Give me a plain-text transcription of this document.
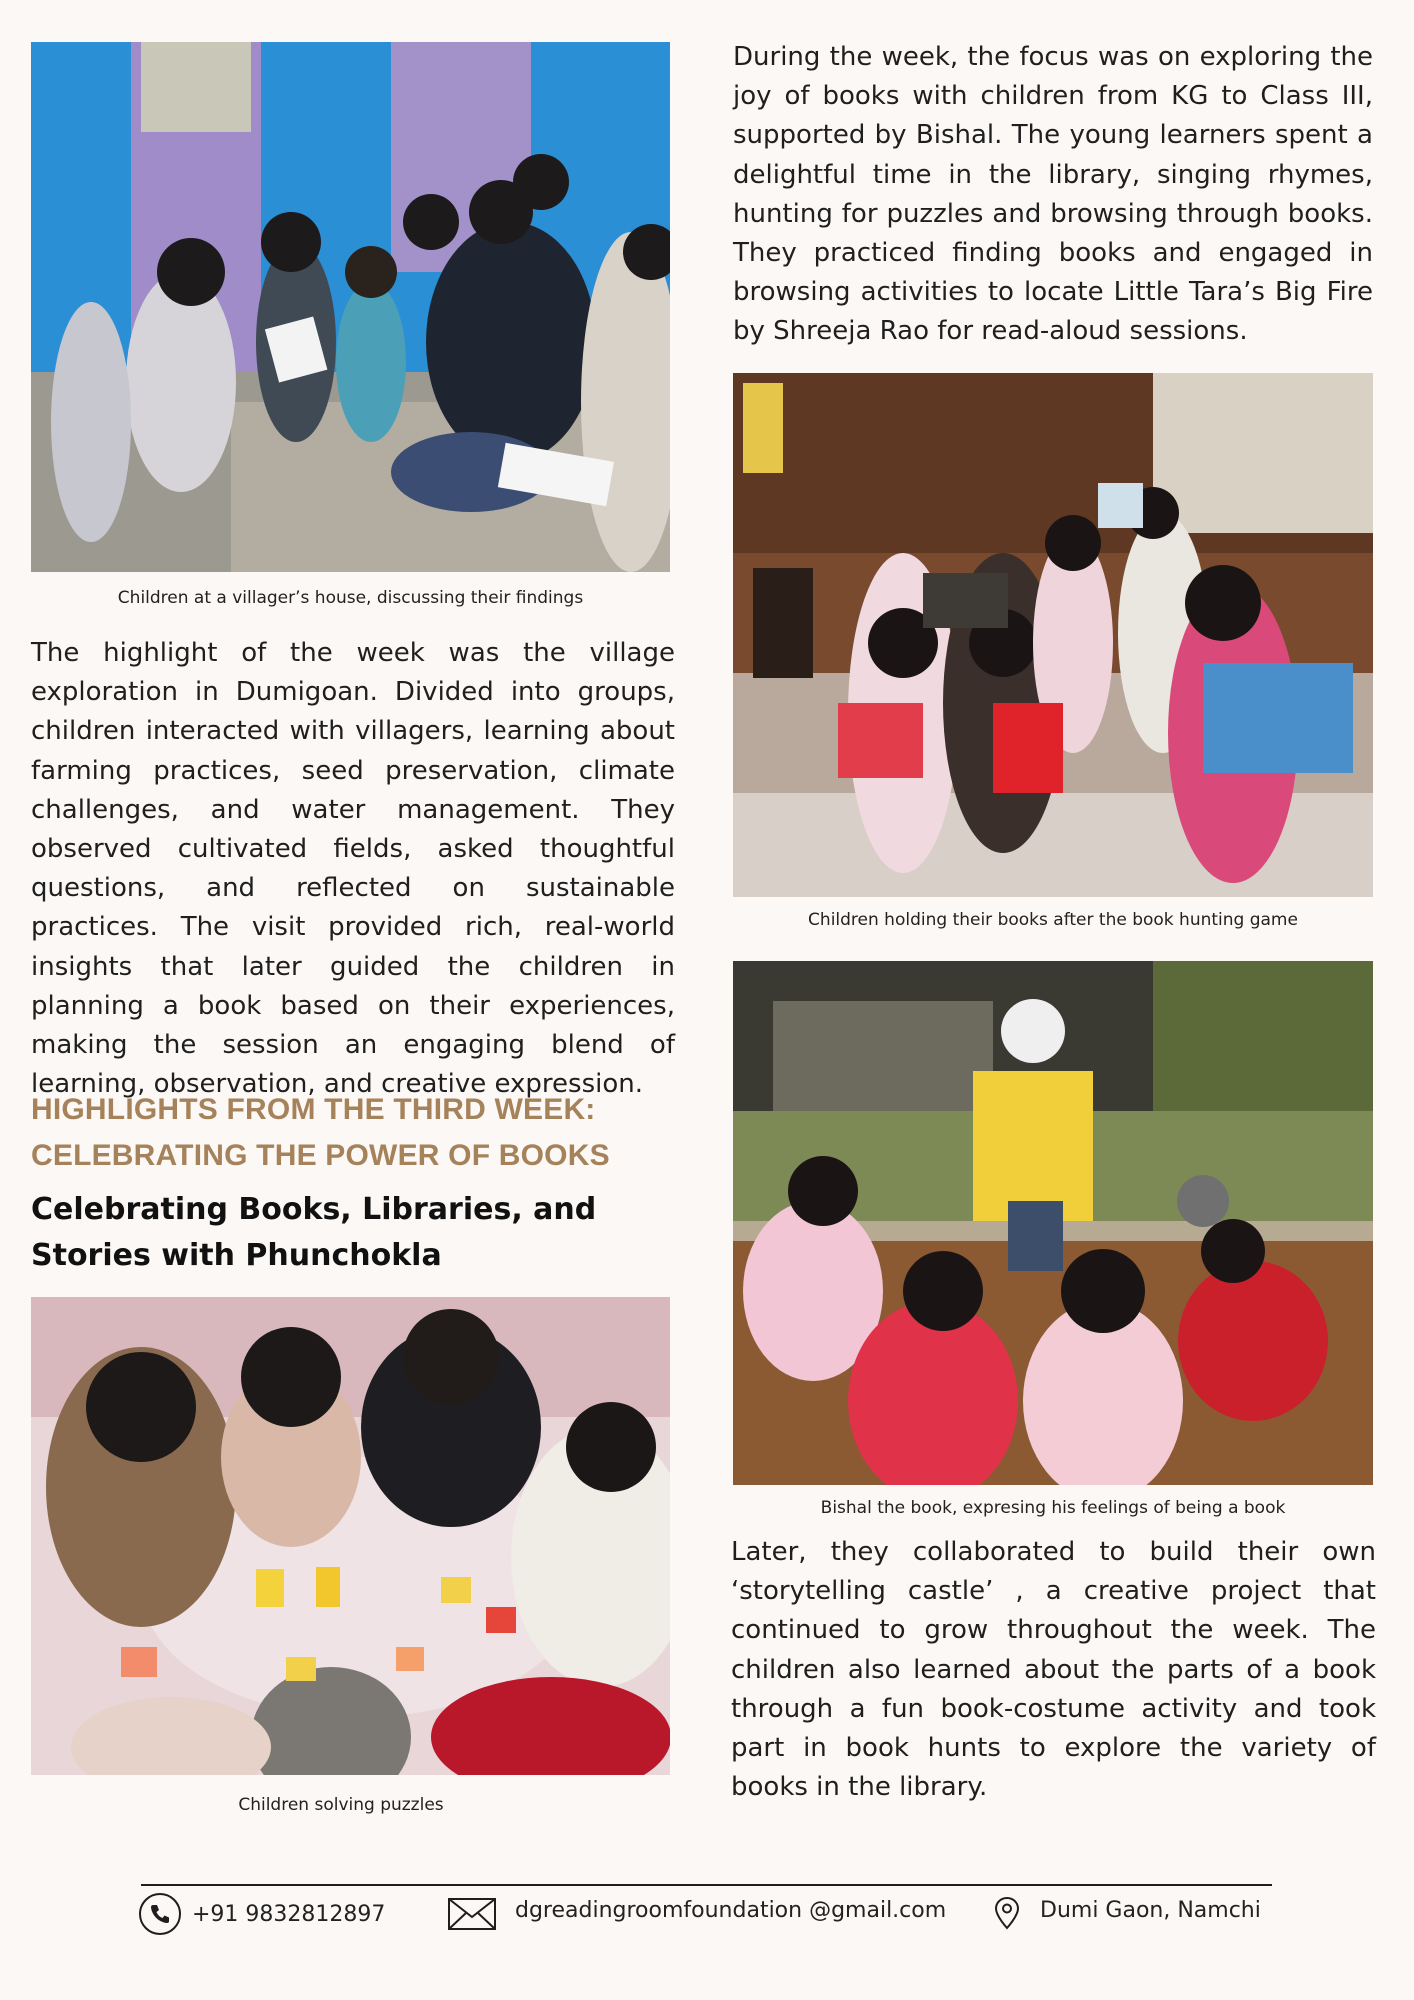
Children at a villager’s house, discussing their findings

The highlight of the week was the village exploration in Dumigoan. Divided into groups, children interacted with villagers, learning about farming practices, seed preservation, climate challenges, and water management. They observed cultivated fields, asked thoughtful questions, and reflected on sustainable practices. The visit provided rich, real-world insights that later guided the children in planning a book based on their experiences, making the session an engaging blend of learning, observation, and creative expression.

HIGHLIGHTS FROM THE THIRD WEEK: CELEBRATING THE POWER OF BOOKS
Celebrating Books, Libraries, and Stories with Phunchokla
Children solving puzzles

During the week, the focus was on exploring the joy of books with children from KG to Class III, supported by Bishal. The young learners spent a delightful time in the library, singing rhymes, hunting for puzzles and browsing through books. They practiced finding books and engaged in browsing activities to locate Little Tara’s Big Fire by Shreeja Rao for read-aloud sessions.

Children holding their books after the book hunting game
Bishal the book, expresing his feelings of being a book

Later, they collaborated to build their own ‘storytelling castle’ , a creative project that continued to grow throughout the week. The children also learned about the parts of a book through a fun book-costume activity and took part in book hunts to explore the variety of books in the library.

+91 9832812897	dgreadingroomfoundation @gmail.com	Dumi Gaon, Namchi
